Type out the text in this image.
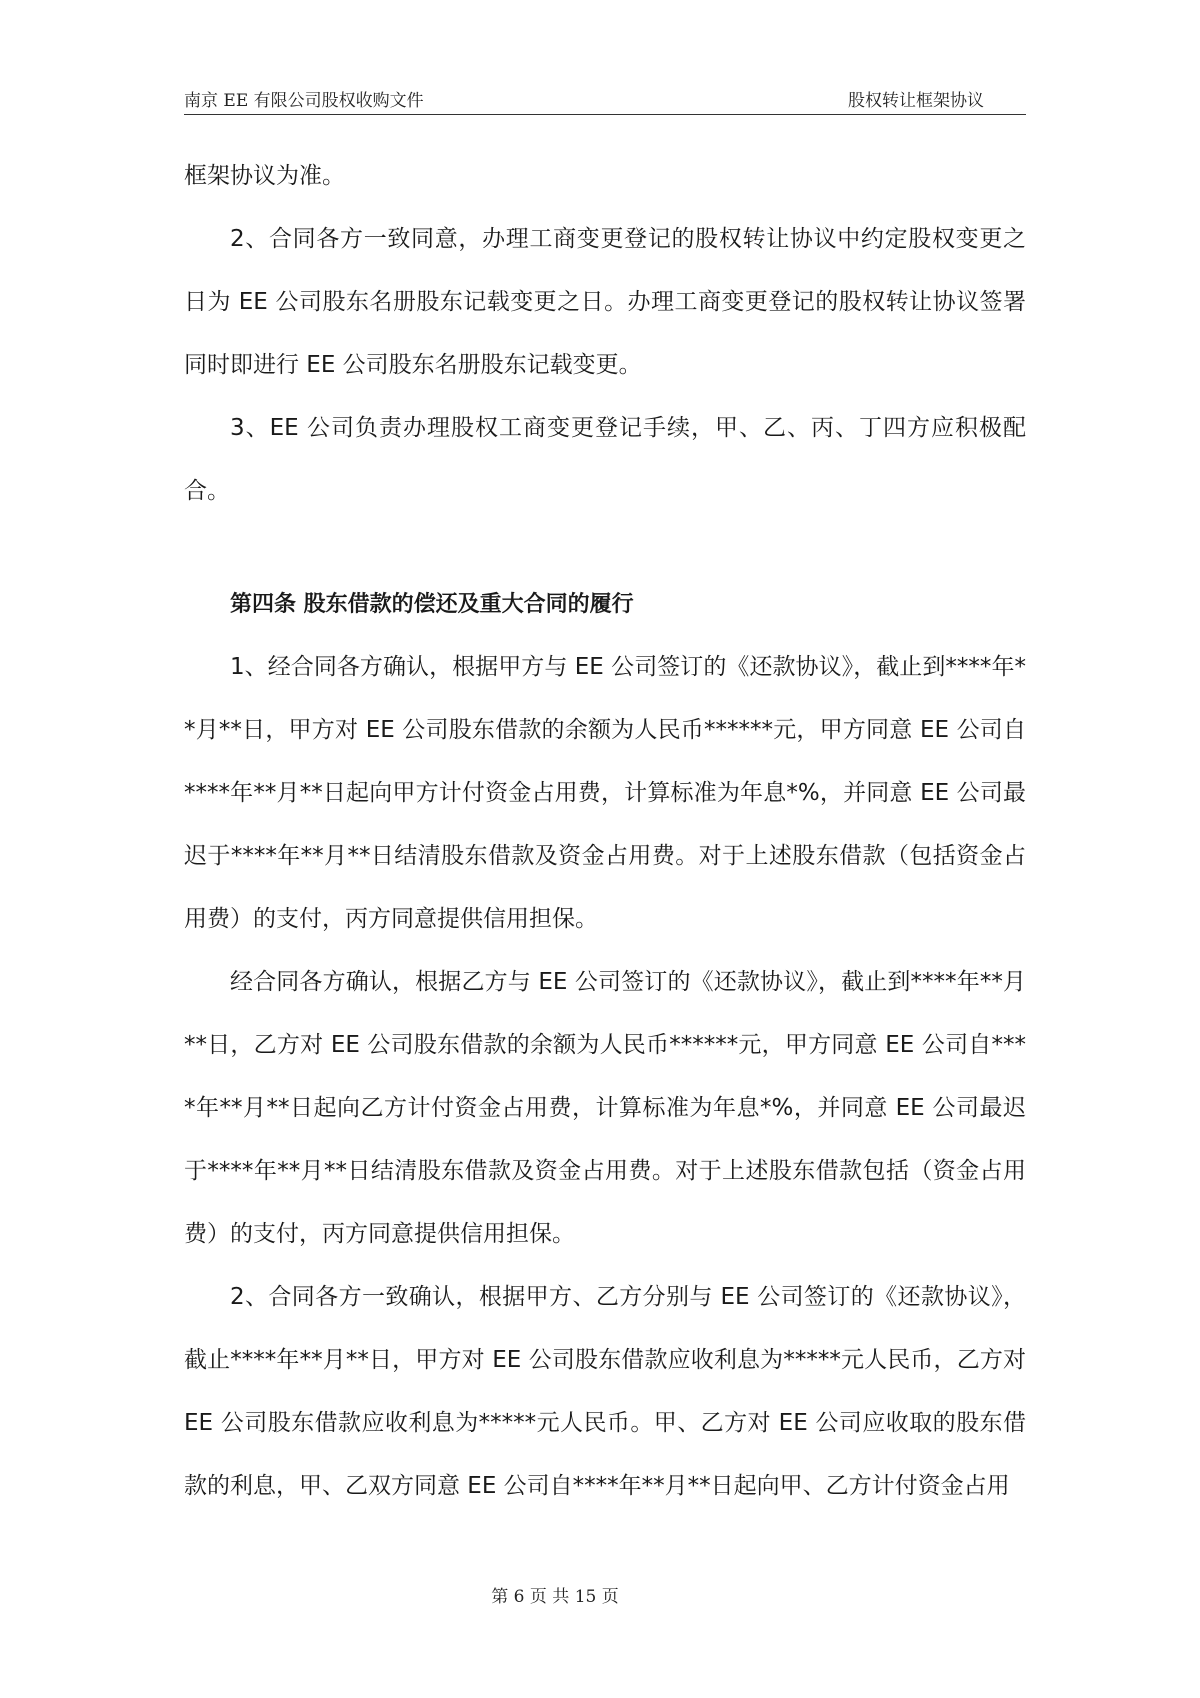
南京 EE 有限公司股权收购文件	股权转让框架协议

框架协议为准。

2、合同各方一致同意，办理工商变更登记的股权转让协议中约定股权变更之日为 EE 公司股东名册股东记载变更之日。办理工商变更登记的股权转让协议签署同时即进行 EE 公司股东名册股东记载变更。

3、EE 公司负责办理股权工商变更登记手续，甲、乙、丙、丁四方应积极配合。

第四条 股东借款的偿还及重大合同的履行

1、经合同各方确认，根据甲方与 EE 公司签订的《还款协议》，截止到****年**月**日，甲方对 EE 公司股东借款的余额为人民币******元，甲方同意 EE 公司自****年**月**日起向甲方计付资金占用费，计算标准为年息*%，并同意 EE 公司最迟于****年**月**日结清股东借款及资金占用费。对于上述股东借款（包括资金占用费）的支付，丙方同意提供信用担保。

经合同各方确认，根据乙方与 EE 公司签订的《还款协议》，截止到****年**月**日，乙方对 EE 公司股东借款的余额为人民币******元，甲方同意 EE 公司自****年**月**日起向乙方计付资金占用费，计算标准为年息*%，并同意 EE 公司最迟于****年**月**日结清股东借款及资金占用费。对于上述股东借款包括（资金占用费）的支付，丙方同意提供信用担保。

2、合同各方一致确认，根据甲方、乙方分别与 EE 公司签订的《还款协议》，截止****年**月**日，甲方对 EE 公司股东借款应收利息为*****元人民币，乙方对 EE 公司股东借款应收利息为*****元人民币。甲、乙方对 EE 公司应收取的股东借款的利息，甲、乙双方同意 EE 公司自****年**月**日起向甲、乙方计付资金占用

第 6 页 共 15 页
